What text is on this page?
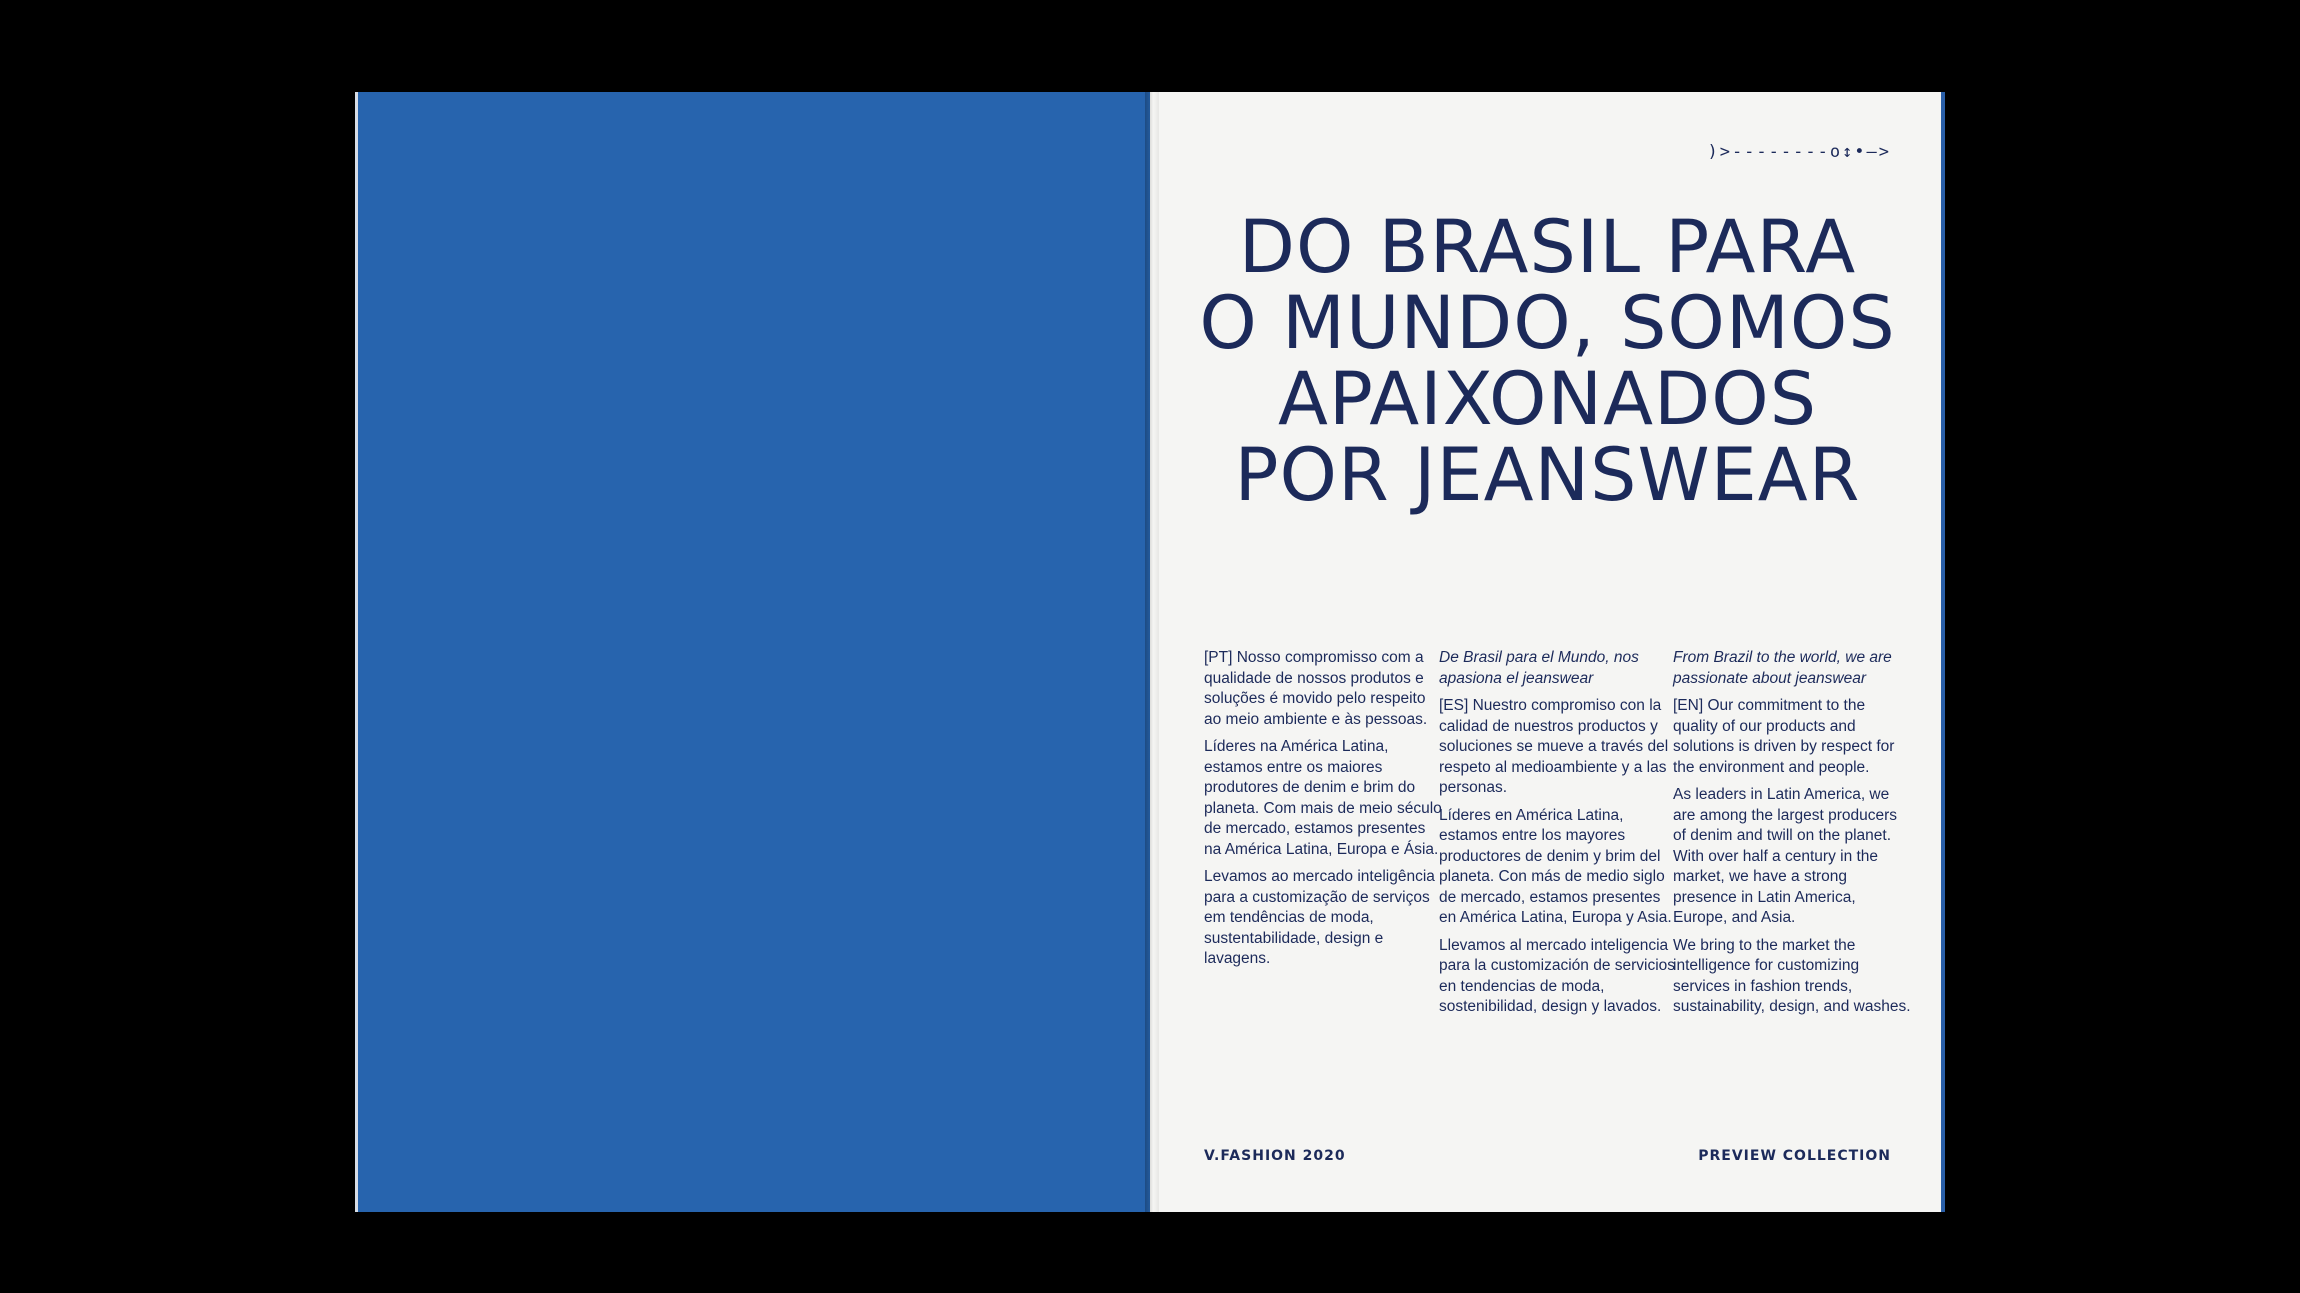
)>--------o↕•—>
DO BRASIL PARA
O MUNDO, SOMOS
APAIXONADOS
POR JEANSWEAR

[PT] Nosso compromisso com a qualidade de nossos produtos e soluções é movido pelo respeito ao meio ambiente e às pessoas.

Líderes na América Latina, estamos entre os maiores produtores de denim e brim do planeta. Com mais de meio século de mercado, estamos presentes na América Latina, Europa e Ásia.

Levamos ao mercado inteligência para a customização de serviços em tendências de moda, sustentabilidade, design e lavagens.

De Brasil para el Mundo, nos apasiona el jeanswear

[ES] Nuestro compromiso con la calidad de nuestros productos y soluciones se mueve a través del respeto al medioambiente y a las personas.

Líderes en América Latina, estamos entre los mayores productores de denim y brim del planeta. Con más de medio siglo de mercado, estamos presentes en América Latina, Europa y Asia.

Llevamos al mercado inteligencia para la customización de servicios en tendencias de moda, sostenibilidad, design y lavados.

From Brazil to the world, we are passionate about jeanswear

[EN] Our commitment to the quality of our products and solutions is driven by respect for the environment and people.

As leaders in Latin America, we are among the largest producers of denim and twill on the planet. With over half a century in the market, we have a strong presence in Latin America, Europe, and Asia.

We bring to the market the intelligence for customizing services in fashion trends, sustainability, design, and washes.

V.FASHION 2020	PREVIEW COLLECTION
